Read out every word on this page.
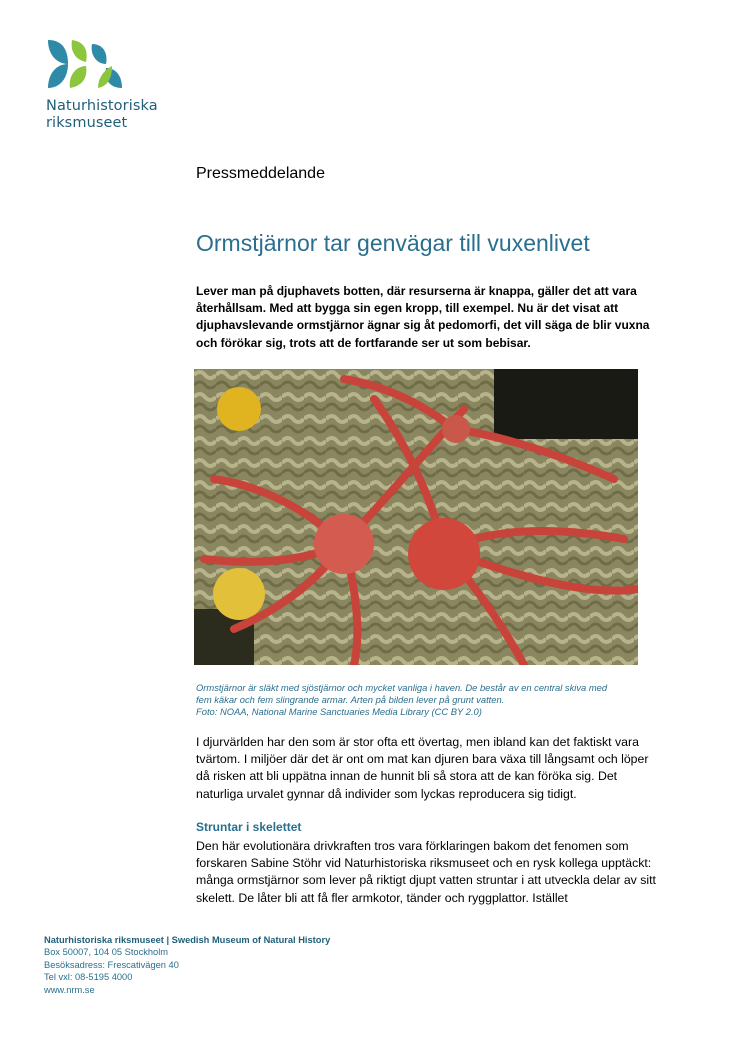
Naturhistoriska
riksmuseet
Pressmeddelande
Ormstjärnor tar genvägar till vuxenlivet

Lever man på djuphavets botten, där resurserna är knappa, gäller det att vara återhållsam. Med att bygga sin egen kropp, till exempel. Nu är det visat att djuphavslevande ormstjärnor ägnar sig åt pedomorfi, det vill säga de blir vuxna och förökar sig, trots att de fortfarande ser ut som bebisar.

Ormstjärnor är släkt med sjöstjärnor och mycket vanliga i haven. De består av en central skiva med
fem käkar och fem slingrande armar. Arten på bilden lever på grunt vatten.
Foto: NOAA, National Marine Sanctuaries Media Library (CC BY 2.0)

I djurvärlden har den som är stor ofta ett övertag, men ibland kan det faktiskt vara tvärtom. I miljöer där det är ont om mat kan djuren bara växa till långsamt och löper då risken att bli uppätna innan de hunnit bli så stora att de kan föröka sig. Det naturliga urvalet gynnar då individer som lyckas reproducera sig tidigt.

Struntar i skelettet

Den här evolutionära drivkraften tros vara förklaringen bakom det fenomen som forskaren Sabine Stöhr vid Naturhistoriska riksmuseet och en rysk kollega upptäckt: många ormstjärnor som lever på riktigt djupt vatten struntar i att utveckla delar av sitt skelett. De låter bli att få fler armkotor, tänder och ryggplattor. Istället

Naturhistoriska riksmuseet | Swedish Museum of Natural History
Box 50007, 104 05 Stockholm
Besöksadress: Frescativägen 40
Tel vxl: 08-5195 4000
www.nrm.se
